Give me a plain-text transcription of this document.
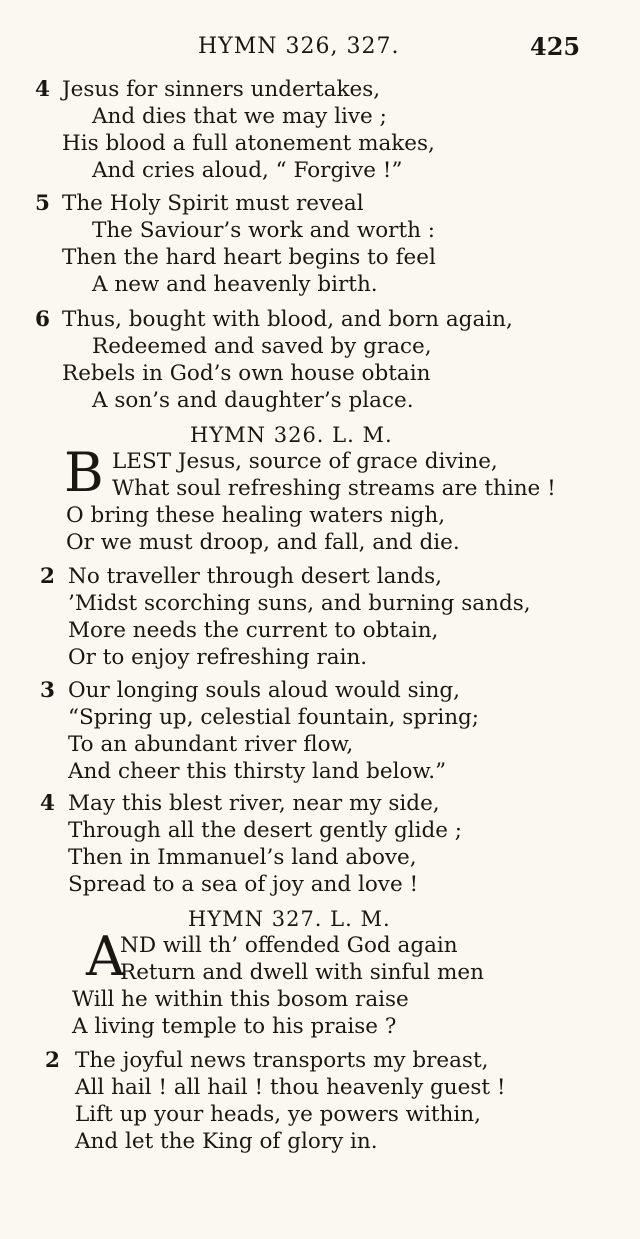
HYMN 326, 327.	425
4 Jesus for sinners undertakes,
And dies that we may live ;
His blood a full atonement makes,
And cries aloud, “ Forgive !”
5 The Holy Spirit must reveal
The Saviour’s work and worth :
Then the hard heart begins to feel
A new and heavenly birth.
6 Thus, bought with blood, and born again,
Redeemed and saved by grace,
Rebels in God’s own house obtain
A son’s and daughter’s place.
HYMN 326. L. M.
B LEST Jesus, source of grace divine,
What soul refreshing streams are thine !
O bring these healing waters nigh,
Or we must droop, and fall, and die.
2 No traveller through desert lands,
’Midst scorching suns, and burning sands,
More needs the current to obtain,
Or to enjoy refreshing rain.
3 Our longing souls aloud would sing,
“Spring up, celestial fountain, spring;
To an abundant river flow,
And cheer this thirsty land below.”
4 May this blest river, near my side,
Through all the desert gently glide ;
Then in Immanuel’s land above,
Spread to a sea of joy and love !
HYMN 327. L. M.
A
ND will th’ offended God again
Return and dwell with sinful men
Will he within this bosom raise
A living temple to his praise ?
2 The joyful news transports my breast,
All hail ! all hail ! thou heavenly guest !
Lift up your heads, ye powers within,
And let the King of glory in.
